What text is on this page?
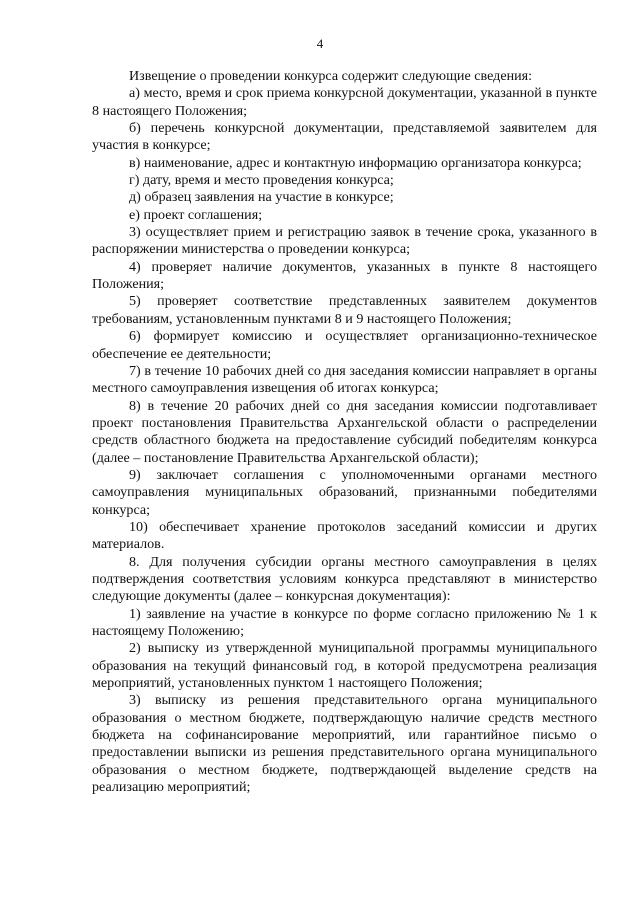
4

Извещение о проведении конкурса содержит следующие сведения:

а) место, время и срок приема конкурсной документации, указанной в пункте 8 настоящего Положения;

б) перечень конкурсной документации, представляемой заявителем для участия в конкурсе;

в) наименование, адрес и контактную информацию организатора конкурса;

г) дату, время и место проведения конкурса;

д) образец заявления на участие в конкурсе;

е) проект соглашения;

3) осуществляет прием и регистрацию заявок в течение срока, указанного в распоряжении министерства о проведении конкурса;

4) проверяет наличие документов, указанных в пункте 8 настоящего Положения;

5) проверяет соответствие представленных заявителем документов требованиям, установленным пунктами 8 и 9 настоящего Положения;

6) формирует комиссию и осуществляет организационно-техническое обеспечение ее деятельности;

7) в течение 10 рабочих дней со дня заседания комиссии направляет в органы местного самоуправления извещения об итогах конкурса;

8) в течение 20 рабочих дней со дня заседания комиссии подготавливает проект постановления Правительства Архангельской области о распределении средств областного бюджета на предоставление субсидий победителям конкурса (далее – постановление Правительства Архангельской области);

9) заключает соглашения с уполномоченными органами местного самоуправления муниципальных образований, признанными победителями конкурса;

10) обеспечивает хранение протоколов заседаний комиссии и других материалов.

8. Для получения субсидии органы местного самоуправления в целях подтверждения соответствия условиям конкурса представляют в министерство следующие документы (далее – конкурсная документация):

1) заявление на участие в конкурсе по форме согласно приложению № 1 к настоящему Положению;

2) выписку из утвержденной муниципальной программы муниципального образования на текущий финансовый год, в которой предусмотрена реализация мероприятий, установленных пунктом 1 настоящего Положения;

3) выписку из решения представительного органа муниципального образования о местном бюджете, подтверждающую наличие средств местного бюджета на софинансирование мероприятий, или гарантийное письмо о предоставлении выписки из решения представительного органа муниципального образования о местном бюджете, подтверждающей выделение средств на реализацию мероприятий;
